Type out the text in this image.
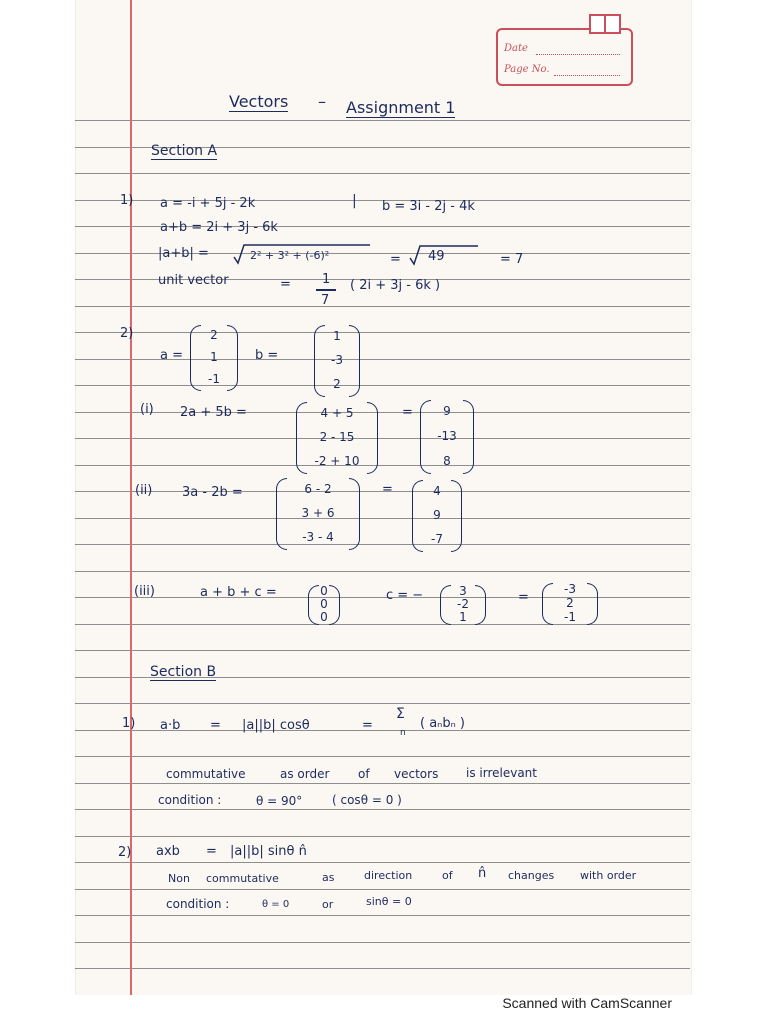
Date
Page No.
Vectors – Assignment 1
Section A
1) a = -i + 5j - 2k	| b = 3i - 2j - 4k
a+b = 2i + 3j - 6k
|a+b| =	2² + 3² + (-6)²	= 49	= 7
unit vector	= 1
7
( 2i + 3j - 6k )
2)
a =
2
1
-1
b =
1
-3
2
(i) 2a + 5b =	4 + 5
2 - 15
-2 + 10
=	9
-13
8
(ii) 3a - 2b =	6 - 2
3 + 6
-3 - 4
=	4
9
-7
(iii)	a + b + c =	0
0
0
c = −	3
-2
1
=
-3
2
-1
Section B
1) a·b = |a||b| cosθ	=
Σ
n
( aₙbₙ )
commutative	as order of vectors is irrelevant
condition :	θ = 90° ( cosθ = 0 )
2) axb = |a||b| sinθ n̂
Non commutative	as	direction	of n̂ changes with order
condition :	θ = 0	or	sinθ = 0
Scanned with CamScanner
